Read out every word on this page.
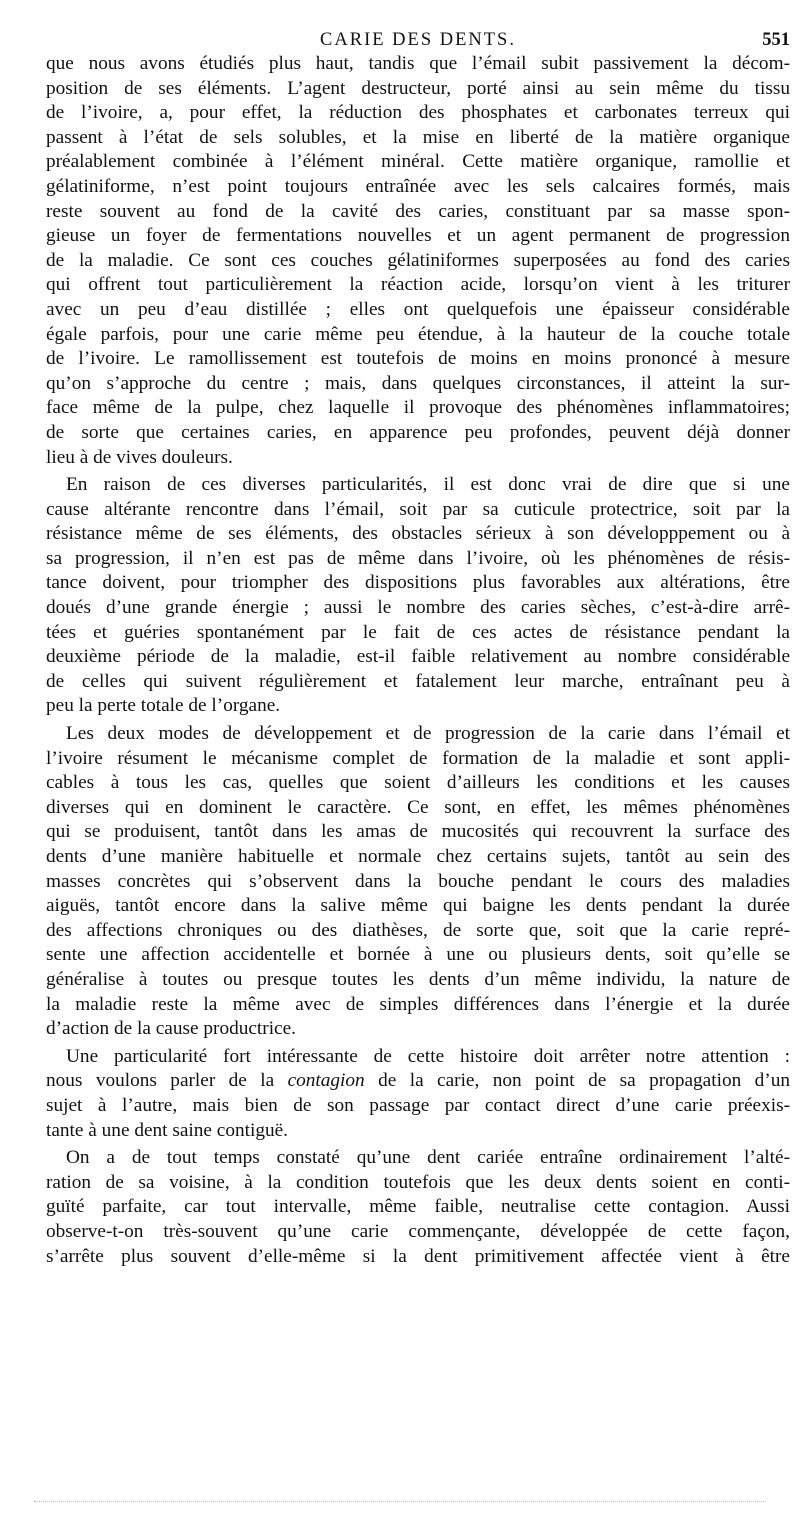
CARIE DES DENTS.	551

que nous avons étudiés plus haut, tandis que l’émail subit passivement la décom-
position de ses éléments. L’agent destructeur, porté ainsi au sein même du tissu
de l’ivoire, a, pour effet, la réduction des phosphates et carbonates terreux qui
passent à l’état de sels solubles, et la mise en liberté de la matière organique
préalablement combinée à l’élément minéral. Cette matière organique, ramollie et
gélatiniforme, n’est point toujours entraînée avec les sels calcaires formés, mais
reste souvent au fond de la cavité des caries, constituant par sa masse spon-
gieuse un foyer de fermentations nouvelles et un agent permanent de progression
de la maladie. Ce sont ces couches gélatiniformes superposées au fond des caries
qui offrent tout particulièrement la réaction acide, lorsqu’on vient à les triturer
avec un peu d’eau distillée ; elles ont quelquefois une épaisseur considérable
égale parfois, pour une carie même peu étendue, à la hauteur de la couche totale
de l’ivoire. Le ramollissement est toutefois de moins en moins prononcé à mesure
qu’on s’approche du centre ; mais, dans quelques circonstances, il atteint la sur-
face même de la pulpe, chez laquelle il provoque des phénomènes inflammatoires;
de sorte que certaines caries, en apparence peu profondes, peuvent déjà donner
lieu à de vives douleurs.

En raison de ces diverses particularités, il est donc vrai de dire que si une
cause altérante rencontre dans l’émail, soit par sa cuticule protectrice, soit par la
résistance même de ses éléments, des obstacles sérieux à son développpement ou à
sa progression, il n’en est pas de même dans l’ivoire, où les phénomènes de résis-
tance doivent, pour triompher des dispositions plus favorables aux altérations, être
doués d’une grande énergie ; aussi le nombre des caries sèches, c’est-à-dire arrê-
tées et guéries spontanément par le fait de ces actes de résistance pendant la
deuxième période de la maladie, est-il faible relativement au nombre considérable
de celles qui suivent régulièrement et fatalement leur marche, entraînant peu à
peu la perte totale de l’organe.

Les deux modes de développement et de progression de la carie dans l’émail et
l’ivoire résument le mécanisme complet de formation de la maladie et sont appli-
cables à tous les cas, quelles que soient d’ailleurs les conditions et les causes
diverses qui en dominent le caractère. Ce sont, en effet, les mêmes phénomènes
qui se produisent, tantôt dans les amas de mucosités qui recouvrent la surface des
dents d’une manière habituelle et normale chez certains sujets, tantôt au sein des
masses concrètes qui s’observent dans la bouche pendant le cours des maladies
aiguës, tantôt encore dans la salive même qui baigne les dents pendant la durée
des affections chroniques ou des diathèses, de sorte que, soit que la carie repré-
sente une affection accidentelle et bornée à une ou plusieurs dents, soit qu’elle se
généralise à toutes ou presque toutes les dents d’un même individu, la nature de
la maladie reste la même avec de simples différences dans l’énergie et la durée
d’action de la cause productrice.

Une particularité fort intéressante de cette histoire doit arrêter notre attention :
nous voulons parler de la contagion de la carie, non point de sa propagation d’un
sujet à l’autre, mais bien de son passage par contact direct d’une carie préexis-
tante à une dent saine contiguë.

On a de tout temps constaté qu’une dent cariée entraîne ordinairement l’alté-
ration de sa voisine, à la condition toutefois que les deux dents soient en conti-
guïté parfaite, car tout intervalle, même faible, neutralise cette contagion. Aussi
observe-t-on très-souvent qu’une carie commençante, développée de cette façon,
s’arrête plus souvent d’elle-même si la dent primitivement affectée vient à être
